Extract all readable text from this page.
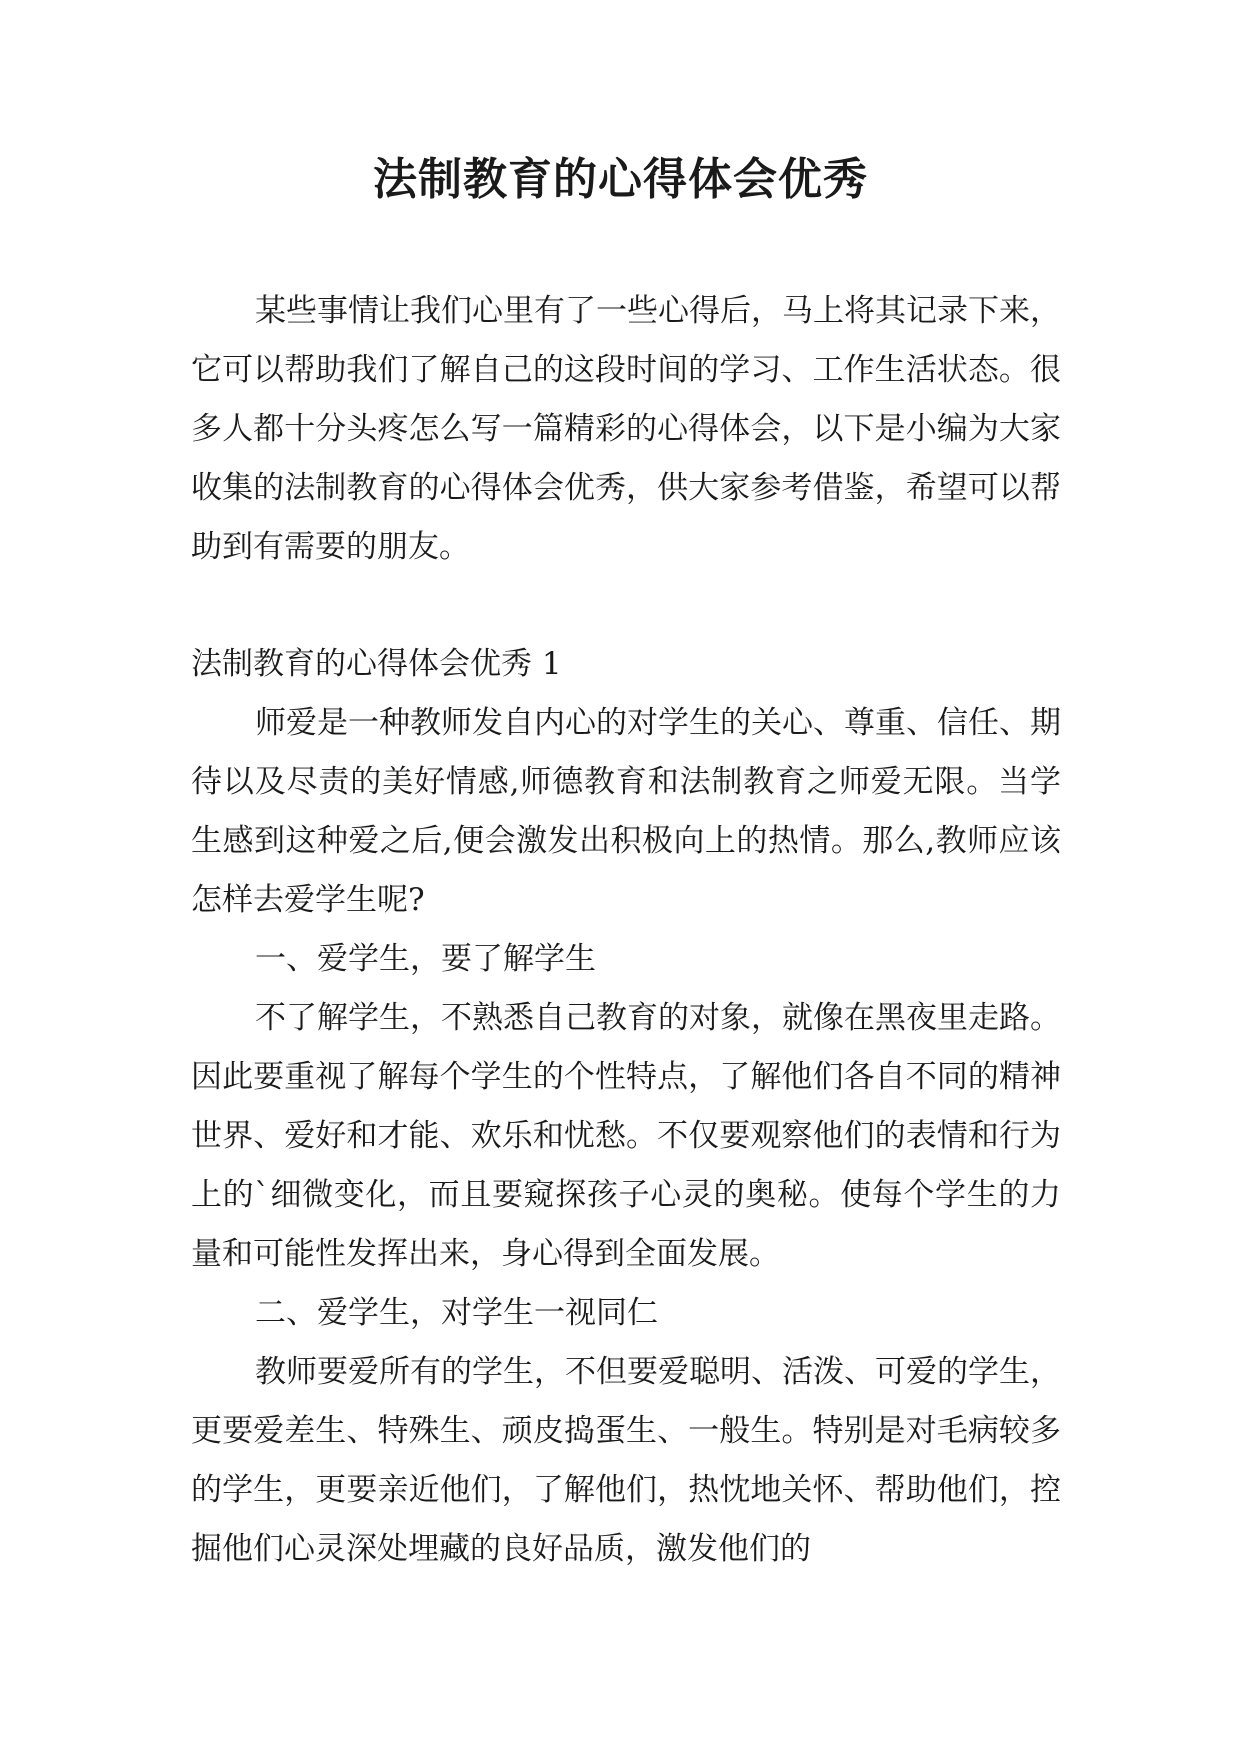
法制教育的心得体会优秀

某些事情让我们心里有了一些心得后，马上将其记录下来，它可以帮助我们了解自己的这段时间的学习、工作生活状态。很多人都十分头疼怎么写一篇精彩的心得体会，以下是小编为大家收集的法制教育的心得体会优秀，供大家参考借鉴，希望可以帮助到有需要的朋友。

法制教育的心得体会优秀 1

师爱是一种教师发自内心的对学生的关心、尊重、信任、期待以及尽责的美好情感,师德教育和法制教育之师爱无限。当学生感到这种爱之后,便会激发出积极向上的热情。那么,教师应该怎样去爱学生呢?

一、爱学生，要了解学生

不了解学生，不熟悉自己教育的对象，就像在黑夜里走路。因此要重视了解每个学生的个性特点，了解他们各自不同的精神世界、爱好和才能、欢乐和忧愁。不仅要观察他们的表情和行为上的`细微变化，而且要窥探孩子心灵的奥秘。使每个学生的力量和可能性发挥出来，身心得到全面发展。

二、爱学生，对学生一视同仁

教师要爱所有的学生，不但要爱聪明、活泼、可爱的学生，更要爱差生、特殊生、顽皮捣蛋生、一般生。特别是对毛病较多的学生，更要亲近他们，了解他们，热忱地关怀、帮助他们，控掘他们心灵深处埋藏的良好品质，激发他们的
